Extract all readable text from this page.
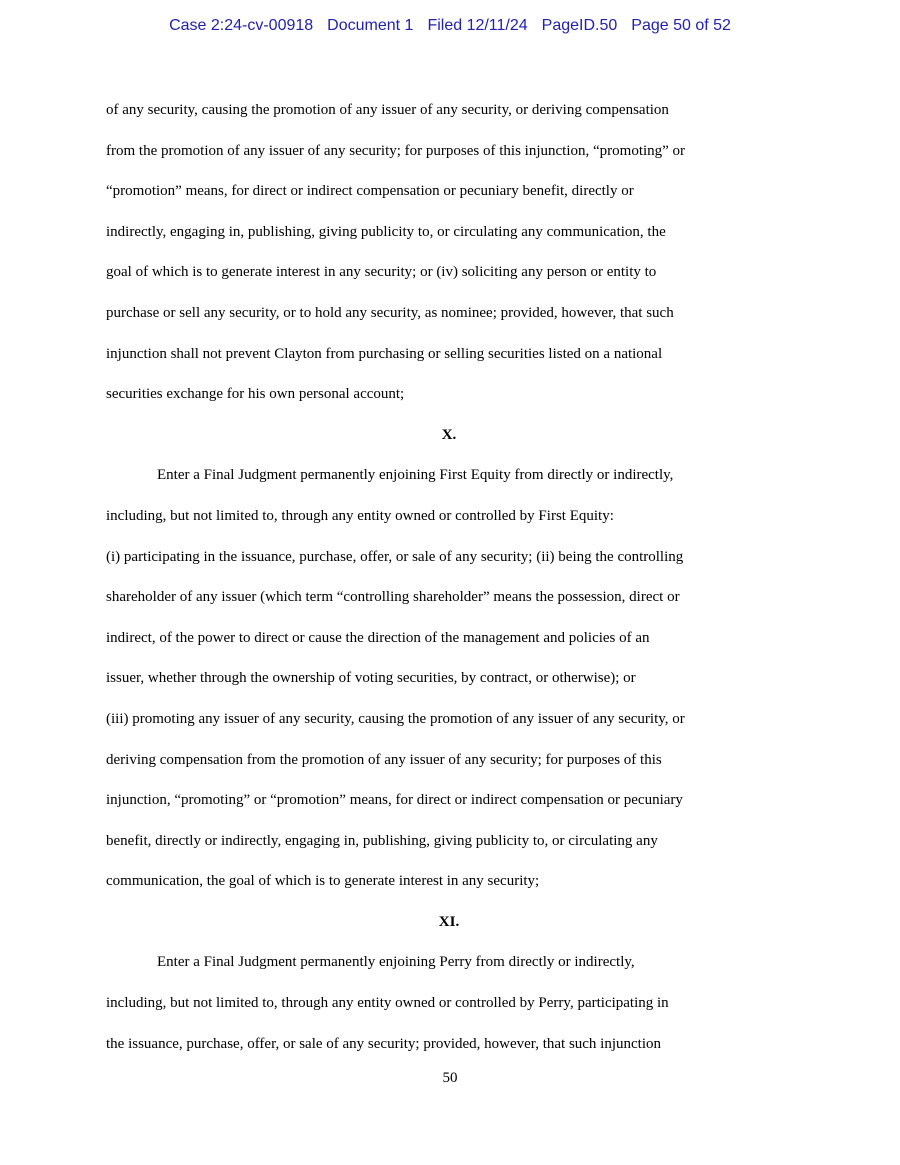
Case 2:24-cv-00918 Document 1 Filed 12/11/24 PageID.50 Page 50 of 52
of any security, causing the promotion of any issuer of any security, or deriving compensation
from the promotion of any issuer of any security; for purposes of this injunction, “promoting” or
“promotion” means, for direct or indirect compensation or pecuniary benefit, directly or
indirectly, engaging in, publishing, giving publicity to, or circulating any communication, the
goal of which is to generate interest in any security; or (iv) soliciting any person or entity to
purchase or sell any security, or to hold any security, as nominee; provided, however, that such
injunction shall not prevent Clayton from purchasing or selling securities listed on a national
securities exchange for his own personal account;
X.
Enter a Final Judgment permanently enjoining First Equity from directly or indirectly,
including, but not limited to, through any entity owned or controlled by First Equity:
(i) participating in the issuance, purchase, offer, or sale of any security; (ii) being the controlling
shareholder of any issuer (which term “controlling shareholder” means the possession, direct or
indirect, of the power to direct or cause the direction of the management and policies of an
issuer, whether through the ownership of voting securities, by contract, or otherwise); or
(iii) promoting any issuer of any security, causing the promotion of any issuer of any security, or
deriving compensation from the promotion of any issuer of any security; for purposes of this
injunction, “promoting” or “promotion” means, for direct or indirect compensation or pecuniary
benefit, directly or indirectly, engaging in, publishing, giving publicity to, or circulating any
communication, the goal of which is to generate interest in any security;
XI.
Enter a Final Judgment permanently enjoining Perry from directly or indirectly,
including, but not limited to, through any entity owned or controlled by Perry, participating in
the issuance, purchase, offer, or sale of any security; provided, however, that such injunction
50
